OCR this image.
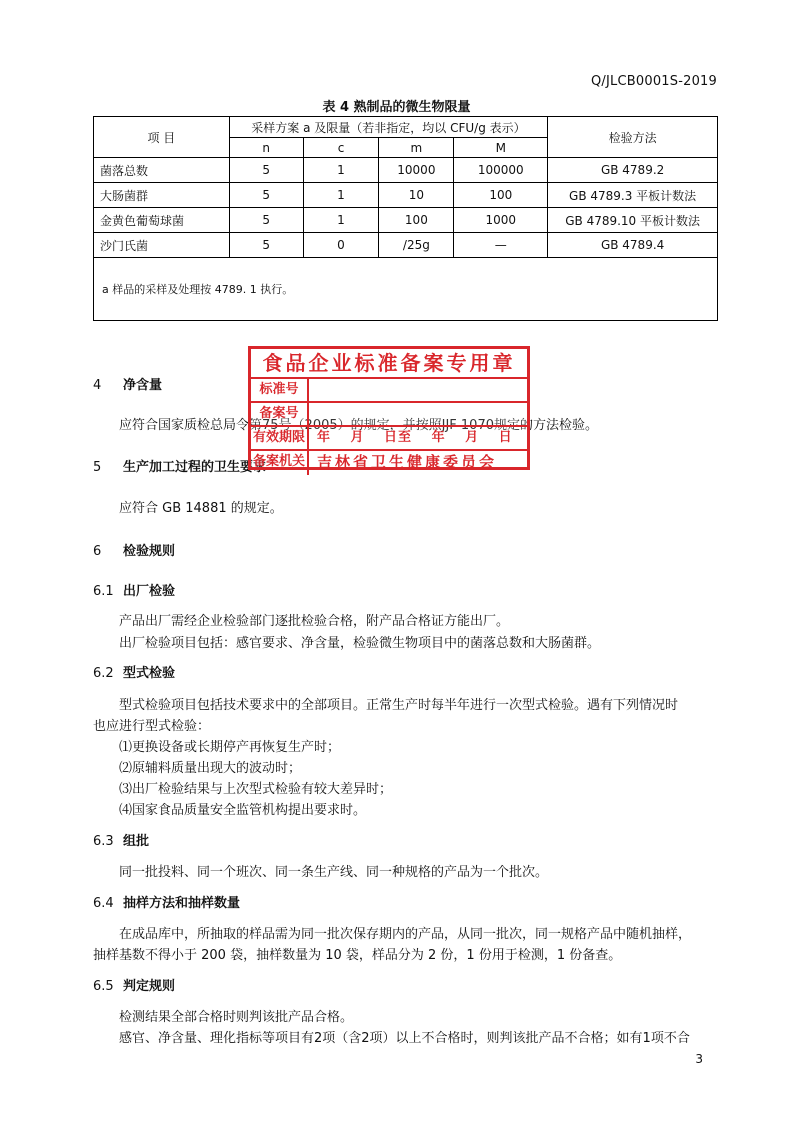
Q/JLCB0001S-2019
表 4 熟制品的微生物限量
项 目	采样方案 a 及限量（若非指定，均以 CFU/g 表示）				检验方法
	n	c	m	M	
菌落总数	5	1	10000	100000	GB 4789.2
大肠菌群	5	1	10	100	GB 4789.3 平板计数法
金黄色葡萄球菌	5	1	100	1000	GB 4789.10 平板计数法
沙门氏菌	5	0	/25g	—	GB 4789.4
a 样品的采样及处理按 4789. 1 执行。					
4 净含量
应符合国家质检总局令第75号（2005）的规定，并按照JJF 1070规定的方法检验。
5 生产加工过程的卫生要求
应符合 GB 14881 的规定。
6 检验规则
6.1 出厂检验
产品出厂需经企业检验部门逐批检验合格，附产品合格证方能出厂。
出厂检验项目包括：感官要求、净含量，检验微生物项目中的菌落总数和大肠菌群。
6.2 型式检验
型式检验项目包括技术要求中的全部项目。正常生产时每半年进行一次型式检验。遇有下列情况时
也应进行型式检验：
⑴更换设备或长期停产再恢复生产时；
⑵原辅料质量出现大的波动时；
⑶出厂检验结果与上次型式检验有较大差异时；
⑷国家食品质量安全监管机构提出要求时。
6.3 组批
同一批投料、同一个班次、同一条生产线、同一种规格的产品为一个批次。
6.4 抽样方法和抽样数量
在成品库中，所抽取的样品需为同一批次保存期内的产品，从同一批次，同一规格产品中随机抽样，
抽样基数不得小于 200 袋，抽样数量为 10 袋，样品分为 2 份，1 份用于检测，1 份备查。
6.5 判定规则
检测结果全部合格时则判该批产品合格。
感官、净含量、理化指标等项目有2项（含2项）以上不合格时，则判该批产品不合格；如有1项不合
3
食品企业标准备案专用章
标准号
备案号
有效期限 年 月 日至 年 月 日
备案机关 吉林省卫生健康委员会
